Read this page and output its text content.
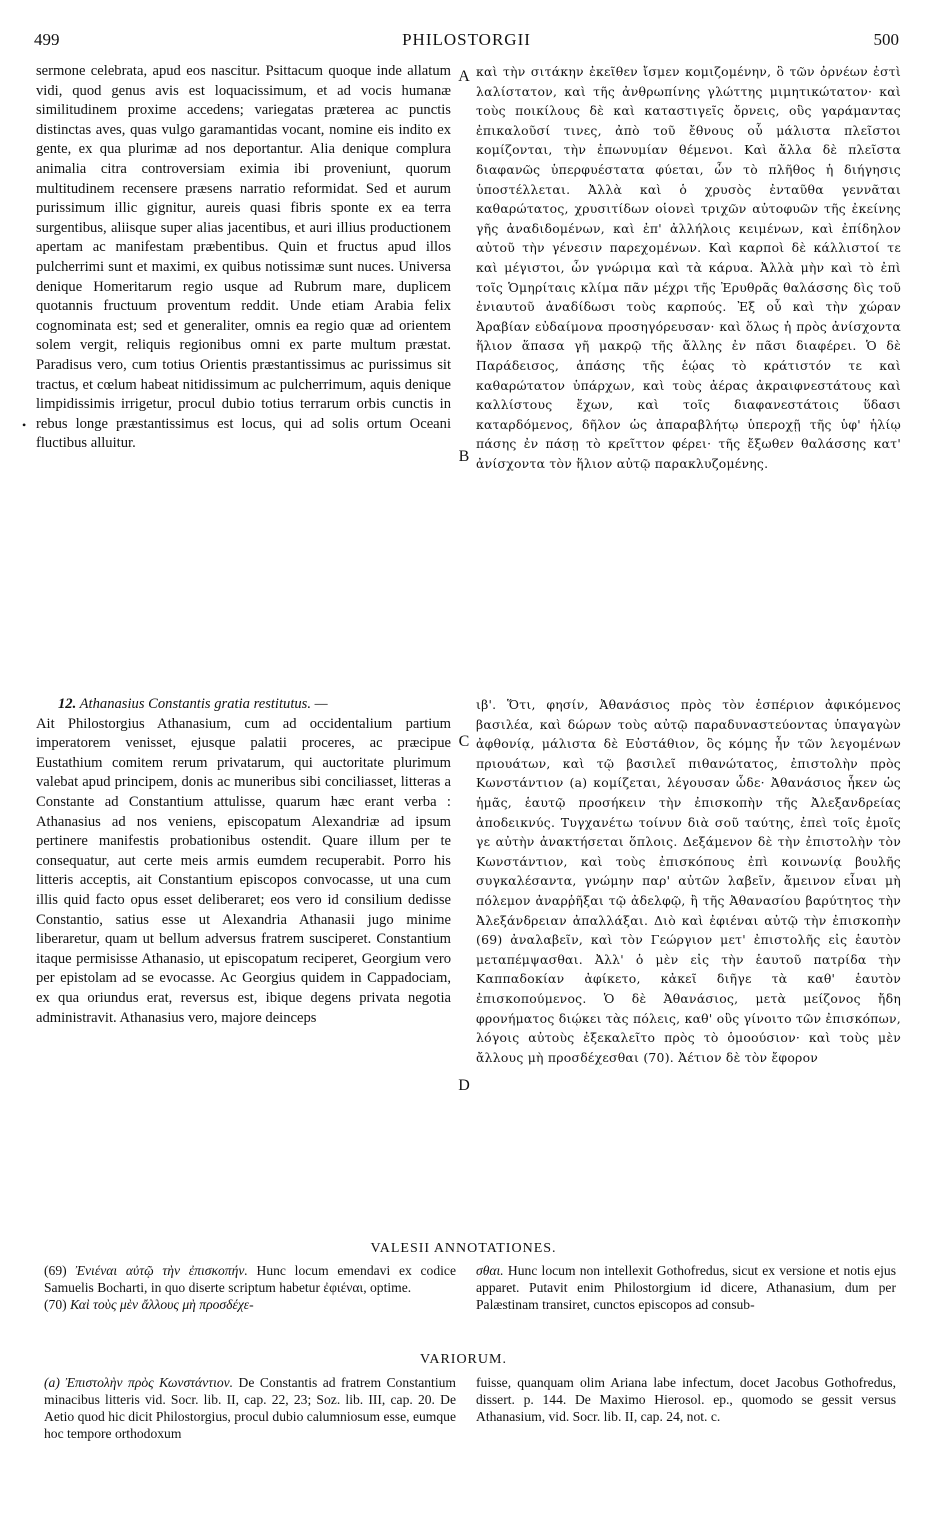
499	PHILOSTORGII	500
•

sermone celebrata, apud eos nascitur. Psittacum quoque inde allatum vidi, quod genus avis est loquacissimum, et ad vocis humanæ similitudinem proxime accedens; variegatas præterea ac punctis distinctas aves, quas vulgo garamantidas vocant, nomine eis indito ex gente, ex qua plurimæ ad nos deportantur. Alia denique complura animalia citra controversiam eximia ibi proveniunt, quorum multitudinem recensere præsens narratio reformidat. Sed et aurum purissimum illic gignitur, aureis quasi fibris sponte ex ea terra surgentibus, aliisque super alias jacentibus, et auri illius productionem apertam ac manifestam præbentibus. Quin et fructus apud illos pulcherrimi sunt et maximi, ex quibus notissimæ sunt nuces. Universa denique Homeritarum regio usque ad Rubrum mare, duplicem quotannis fructuum proventum reddit. Unde etiam Arabia felix cognominata est; sed et generaliter, omnis ea regio quæ ad orientem solem vergit, reliquis regionibus omni ex parte multum præstat. Paradisus vero, cum totius Orientis præstantissimus ac purissimus sit tractus, et cœlum habeat nitidissimum ac pulcherrimum, aquis denique limpidissimis irrigetur, procul dubio totius terrarum orbis cunctis in rebus longe præstantissimus est locus, qui ad solis ortum Oceani fluctibus alluitur.

καὶ τὴν σιτάκην ἐκεῖθεν ἴσμεν κομιζομένην, ὃ τῶν ὀρνέων ἐστὶ λαλίστατον, καὶ τῆς ἀνθρωπίνης γλώττης μιμητικώτατον· καὶ τοὺς ποικίλους δὲ καὶ καταστιγεῖς ὄρνεις, οὓς γαράμαντας ἐπικαλοῦσί τινες, ἀπὸ τοῦ ἔθνους οὗ μάλιστα πλεῖστοι κομίζονται, τὴν ἐπωνυμίαν θέμενοι. Καὶ ἄλλα δὲ πλεῖστα διαφανῶς ὑπερφυέστατα φύεται, ὧν τὸ πλῆθος ἡ διήγησις ὑποστέλλεται. Ἀλλὰ καὶ ὁ χρυσὸς ἐνταῦθα γεννᾶται καθαρώτατος, χρυσιτίδων οἱονεὶ τριχῶν αὐτοφυῶν τῆς ἐκείνης γῆς ἀναδιδομένων, καὶ ἐπ' ἀλλήλοις κειμένων, καὶ ἐπίδηλον αὐτοῦ τὴν γένεσιν παρεχομένων. Καὶ καρποὶ δὲ κάλλιστοί τε καὶ μέγιστοι, ὧν γνώριμα καὶ τὰ κάρυα. Ἀλλὰ μὴν καὶ τὸ ἐπὶ τοῖς Ὁμηρίταις κλίμα πᾶν μέχρι τῆς Ἐρυθρᾶς θαλάσσης δὶς τοῦ ἐνιαυτοῦ ἀναδίδωσι τοὺς καρπούς. Ἐξ οὗ καὶ τὴν χώραν Ἀραβίαν εὐδαίμονα προσηγόρευσαν· καὶ ὅλως ἡ πρὸς ἀνίσχοντα ἥλιον ἅπασα γῆ μακρῷ τῆς ἄλλης ἐν πᾶσι διαφέρει. Ὁ δὲ Παράδεισος, ἁπάσης τῆς ἑῴας τὸ κράτιστόν τε καὶ καθαρώτατον ὑπάρχων, καὶ τοὺς ἀέρας ἀκραιφνεστάτους καὶ καλλίστους ἔχων, καὶ τοῖς διαφανεστάτοις ὕδασι καταρδόμενος, δῆλον ὡς ἀπαραβλήτῳ ὑπεροχῇ τῆς ὑφ' ἡλίῳ πάσης ἐν πάσῃ τὸ κρεῖττον φέρει· τῆς ἔξωθεν θαλάσσης κατ' ἀνίσχοντα τὸν ἥλιον αὐτῷ παρακλυζομένης.

A
B
C
D

12. Athanasius Constantis gratia restitutus. —

Ait Philostorgius Athanasium, cum ad occidentalium partium imperatorem venisset, ejusque palatii proceres, ac præcipue Eustathium comitem rerum privatarum, qui auctoritate plurimum valebat apud principem, donis ac muneribus sibi conciliasset, litteras a Constante ad Constantium attulisse, quarum hæc erant verba : Athanasius ad nos veniens, episcopatum Alexandriæ ad ipsum pertinere manifestis probationibus ostendit. Quare illum per te consequatur, aut certe meis armis eumdem recuperabit. Porro his litteris acceptis, ait Constantium episcopos convocasse, ut una cum illis quid facto opus esset deliberaret; eos vero id consilium dedisse Constantio, satius esse ut Alexandria Athanasii jugo minime liberaretur, quam ut bellum adversus fratrem susciperet. Constantium itaque permisisse Athanasio, ut episcopatum reciperet, Georgium vero per epistolam ad se evocasse. Ac Georgius quidem in Cappadociam, ex qua oriundus erat, reversus est, ibique degens privata negotia administravit. Athanasius vero, majore deinceps

ιβ'. Ὅτι, φησίν, Ἀθανάσιος πρὸς τὸν ἑσπέριον ἀφικόμενος βασιλέα, καὶ δώρων τοὺς αὐτῷ παραδυναστεύοντας ὑπαγαγὼν ἀφθονίᾳ, μάλιστα δὲ Εὐστάθιον, ὃς κόμης ἦν τῶν λεγομένων πριουάτων, καὶ τῷ βασιλεῖ πιθανώτατος, ἐπιστολὴν πρὸς Κωνστάντιον (a) κομίζεται, λέγουσαν ὧδε· Ἀθανάσιος ἧκεν ὡς ἡμᾶς, ἑαυτῷ προσήκειν τὴν ἐπισκοπὴν τῆς Ἀλεξανδρείας ἀποδεικνύς. Τυγχανέτω τοίνυν διὰ σοῦ ταύτης, ἐπεὶ τοῖς ἐμοῖς γε αὐτὴν ἀνακτήσεται ὅπλοις. Δεξάμενον δὲ τὴν ἐπιστολὴν τὸν Κωνστάντιον, καὶ τοὺς ἐπισκόπους ἐπὶ κοινωνίᾳ βουλῆς συγκαλέσαντα, γνώμην παρ' αὐτῶν λαβεῖν, ἄμεινον εἶναι μὴ πόλεμον ἀναρῥῆξαι τῷ ἀδελφῷ, ἢ τῆς Ἀθανασίου βαρύτητος τὴν Ἀλεξάνδρειαν ἀπαλλάξαι. Διὸ καὶ ἐφιέναι αὐτῷ τὴν ἐπισκοπὴν (69) ἀναλαβεῖν, καὶ τὸν Γεώργιον μετ' ἐπιστολῆς εἰς ἑαυτὸν μεταπέμψασθαι. Ἀλλ' ὁ μὲν εἰς τὴν ἑαυτοῦ πατρίδα τὴν Καππαδοκίαν ἀφίκετο, κἀκεῖ διῆγε τὰ καθ' ἑαυτὸν ἐπισκοπούμενος. Ὁ δὲ Ἀθανάσιος, μετὰ μείζονος ἤδη φρονήματος διῴκει τὰς πόλεις, καθ' οὓς γίνοιτο τῶν ἐπισκόπων, λόγοις αὐτοὺς ἐξεκαλεῖτο πρὸς τὸ ὁμοούσιον· καὶ τοὺς μὲν ἄλλους μὴ προσδέχεσθαι (70). Ἀέτιον δὲ τὸν ἔφορον

VALESII ANNOTATIONES.

(69) Ἐνιέναι αὐτῷ τὴν ἐπισκοπήν. Hunc locum emendavi ex codice Samuelis Bocharti, in quo diserte scriptum habetur ἐφιέναι, optime.

(70) Καὶ τοὺς μὲν ἄλλους μὴ προσδέχε-

σθαι. Hunc locum non intellexit Gothofredus, sicut ex versione et notis ejus apparet. Putavit enim Philostorgium id dicere, Athanasium, dum per Palæstinam transiret, cunctos episcopos ad consub-

VARIORUM.

(a) Ἐπιστολὴν πρὸς Κωνστάντιον. De Constantis ad fratrem Constantium minacibus litteris vid. Socr. lib. II, cap. 22, 23; Soz. lib. III, cap. 20. De Aetio quod hic dicit Philostorgius, procul dubio calumniosum esse, eumque hoc tempore orthodoxum

fuisse, quanquam olim Ariana labe infectum, docet Jacobus Gothofredus, dissert. p. 144. De Maximo Hierosol. ep., quomodo se gessit versus Athanasium, vid. Socr. lib. II, cap. 24, not. c.
